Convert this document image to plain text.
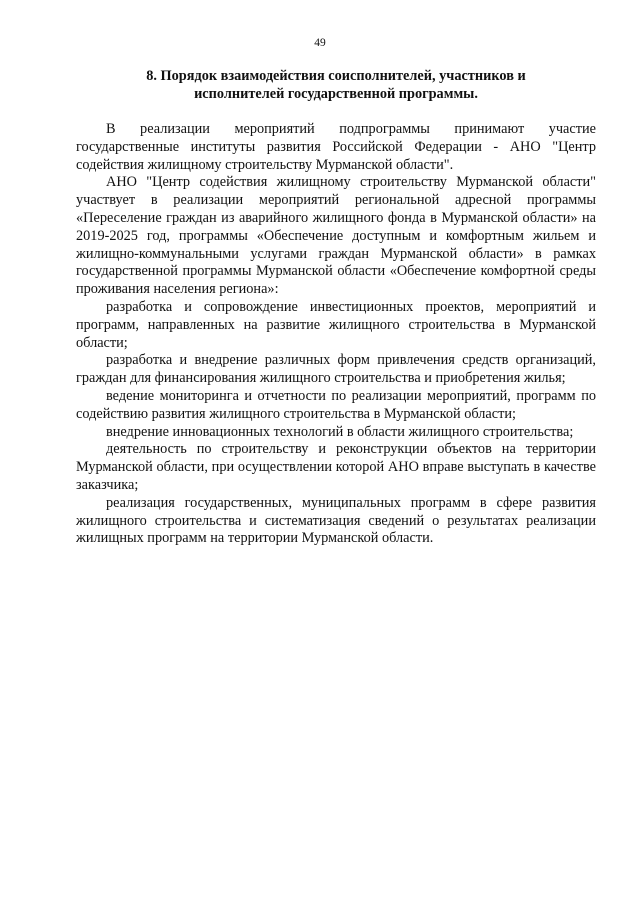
49
8. Порядок взаимодействия соисполнителей, участников и
исполнителей государственной программы.

В реализации мероприятий подпрограммы принимают участие государственные институты развития Российской Федерации - АНО "Центр содействия жилищному строительству Мурманской области".

АНО "Центр содействия жилищному строительству Мурманской области" участвует в реализации мероприятий региональной адресной программы «Переселение граждан из аварийного жилищного фонда в Мурманской области» на 2019-2025 год, программы «Обеспечение доступным и комфортным жильем и жилищно-коммунальными услугами граждан Мурманской области» в рамках государственной программы Мурманской области «Обеспечение комфортной среды проживания населения региона»:

разработка и сопровождение инвестиционных проектов, мероприятий и программ, направленных на развитие жилищного строительства в Мурманской области;

разработка и внедрение различных форм привлечения средств организаций, граждан для финансирования жилищного строительства и приобретения жилья;

ведение мониторинга и отчетности по реализации мероприятий, программ по содействию развития жилищного строительства в Мурманской области;

внедрение инновационных технологий в области жилищного строительства;

деятельность по строительству и реконструкции объектов на территории Мурманской области, при осуществлении которой АНО вправе выступать в качестве заказчика;

реализация государственных, муниципальных программ в сфере развития жилищного строительства и систематизация сведений о результатах реализации жилищных программ на территории Мурманской области.
